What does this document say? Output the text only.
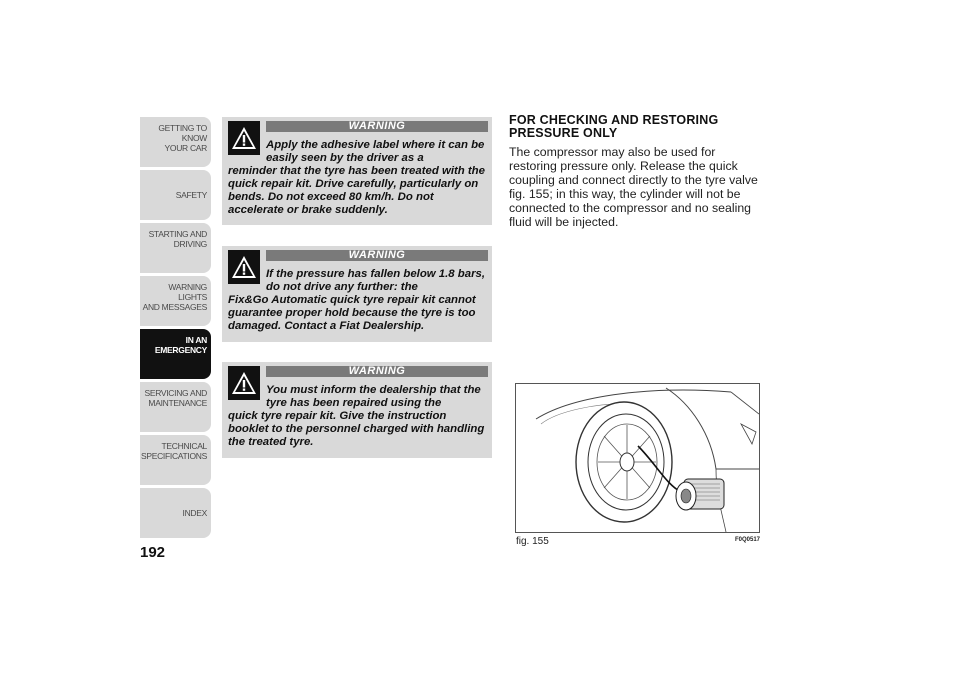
GETTING TO KNOW
YOUR CAR
SAFETY
STARTING AND
DRIVING
WARNING LIGHTS
AND MESSAGES
IN AN
EMERGENCY
SERVICING AND
MAINTENANCE
TECHNICAL
SPECIFICATIONS
INDEX
192
WARNING
Apply the adhesive label where it can be easily seen by the driver as a
reminder that the tyre has been treated with the quick repair kit. Drive carefully, particularly on bends. Do not exceed 80 km/h. Do not accelerate or brake suddenly.
WARNING
If the pressure has fallen below 1.8 bars, do not drive any further: the
Fix&Go Automatic quick tyre repair kit cannot guarantee proper hold because the tyre is too damaged. Contact a Fiat Dealership.
WARNING
You must inform the dealership that the tyre has been repaired using the
quick tyre repair kit. Give the instruction booklet to the personnel charged with handling the treated tyre.
FOR CHECKING AND RESTORING PRESSURE ONLY
The compressor may also be used for restoring pressure only. Release the quick coupling and connect directly to the tyre valve fig. 155; in this way, the cylinder will not be connected to the compressor and no sealing fluid will be injected.
fig. 155	F0Q0517
